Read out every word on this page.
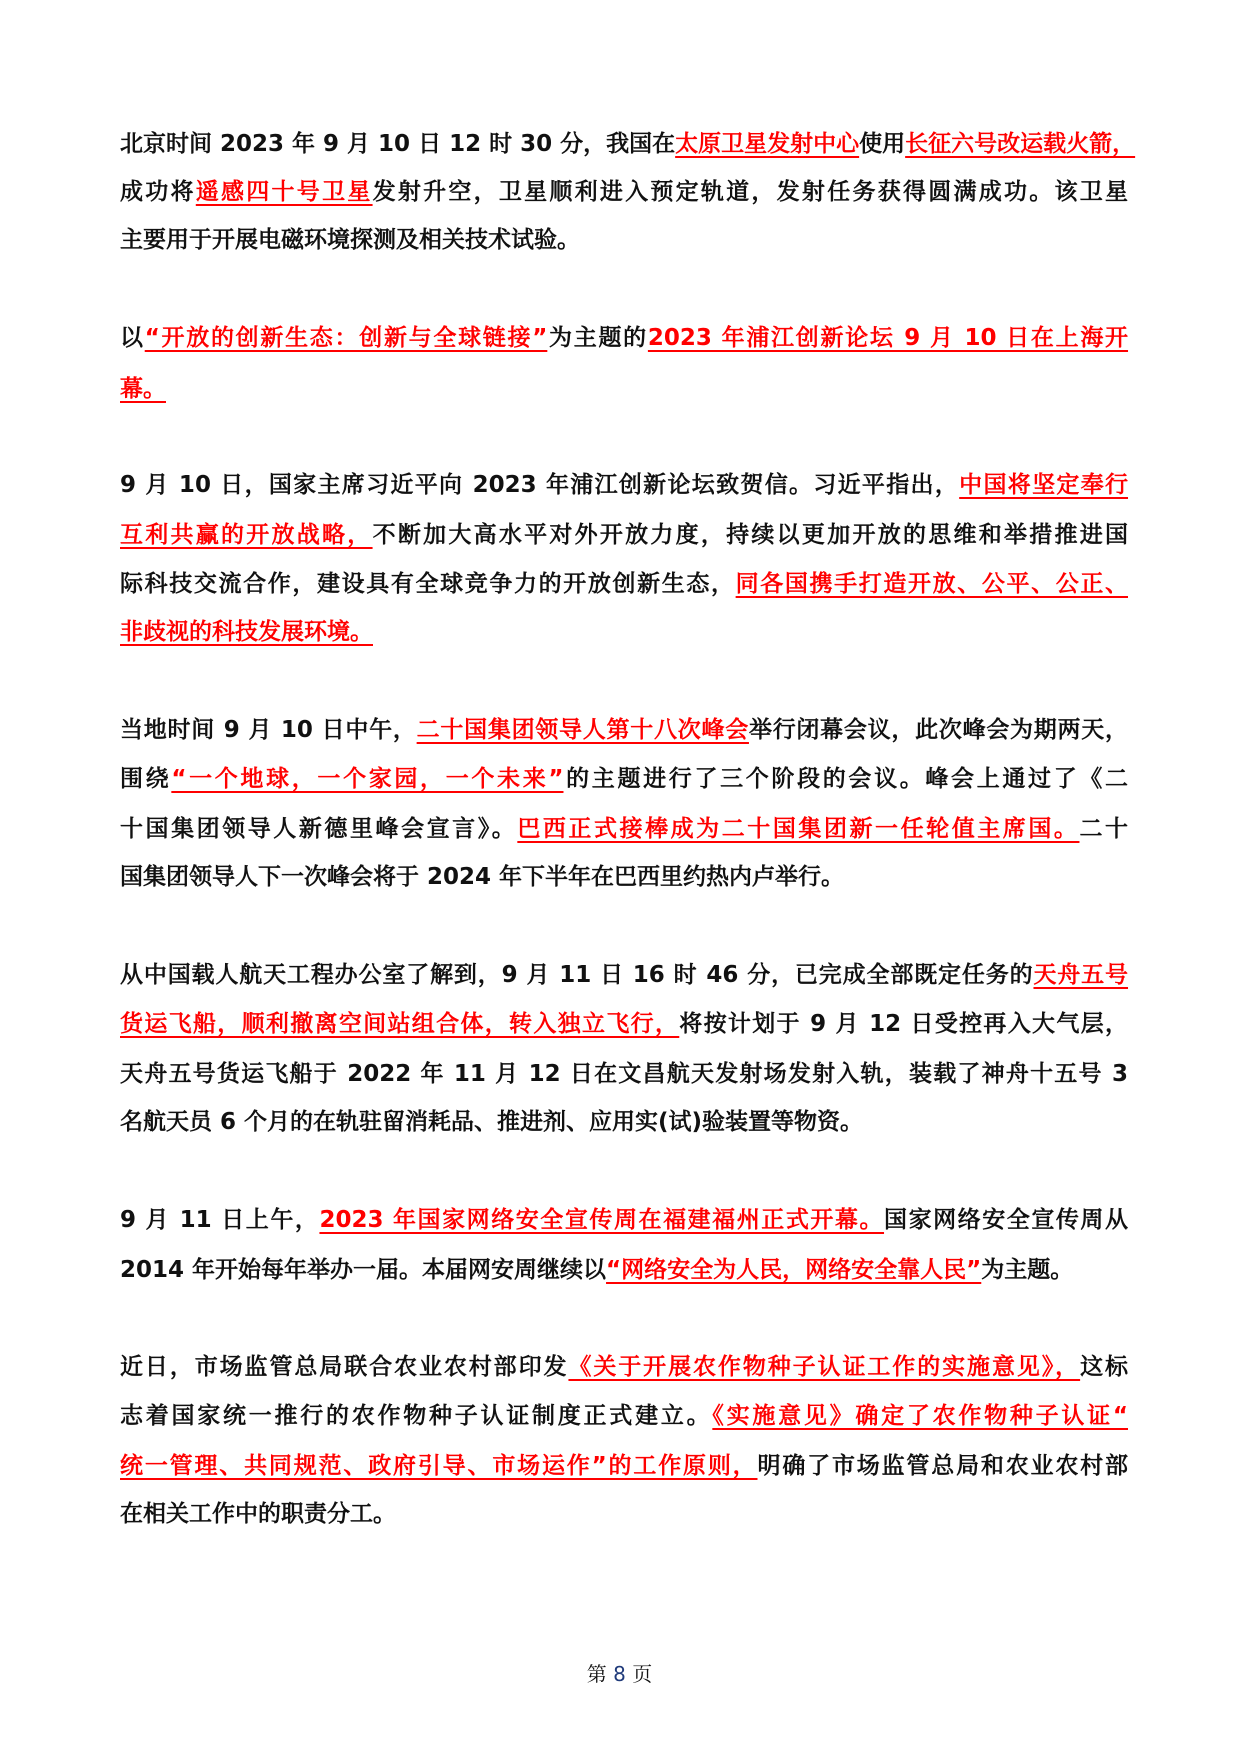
北京时间 2023 年 9 月 10 日 12 时 30 分，我国在太原卫星发射中心使用长征六号改运载火箭，
成功将遥感四十号卫星发射升空，卫星顺利进入预定轨道，发射任务获得圆满成功。该卫星
主要用于开展电磁环境探测及相关技术试验。
以“开放的创新生态：创新与全球链接”为主题的2023 年浦江创新论坛 9 月 10 日在上海开
幕。
9 月 10 日，国家主席习近平向 2023 年浦江创新论坛致贺信。习近平指出，中国将坚定奉行
互利共赢的开放战略，不断加大高水平对外开放力度，持续以更加开放的思维和举措推进国
际科技交流合作，建设具有全球竞争力的开放创新生态，同各国携手打造开放、公平、公正、
非歧视的科技发展环境。
当地时间 9 月 10 日中午，二十国集团领导人第十八次峰会举行闭幕会议，此次峰会为期两天，
围绕“一个地球，一个家园，一个未来”的主题进行了三个阶段的会议。峰会上通过了《二
十国集团领导人新德里峰会宣言》。巴西正式接棒成为二十国集团新一任轮值主席国。二十
国集团领导人下一次峰会将于 2024 年下半年在巴西里约热内卢举行。
从中国载人航天工程办公室了解到，9 月 11 日 16 时 46 分，已完成全部既定任务的天舟五号
货运飞船，顺利撤离空间站组合体，转入独立飞行，将按计划于 9 月 12 日受控再入大气层，
天舟五号货运飞船于 2022 年 11 月 12 日在文昌航天发射场发射入轨，装载了神舟十五号 3
名航天员 6 个月的在轨驻留消耗品、推进剂、应用实(试)验装置等物资。
9 月 11 日上午，2023 年国家网络安全宣传周在福建福州正式开幕。国家网络安全宣传周从
2014 年开始每年举办一届。本届网安周继续以“网络安全为人民，网络安全靠人民”为主题。
近日，市场监管总局联合农业农村部印发《关于开展农作物种子认证工作的实施意见》，这标
志着国家统一推行的农作物种子认证制度正式建立。《实施意见》确定了农作物种子认证“
统一管理、共同规范、政府引导、市场运作”的工作原则，明确了市场监管总局和农业农村部
在相关工作中的职责分工。
第 8 页
